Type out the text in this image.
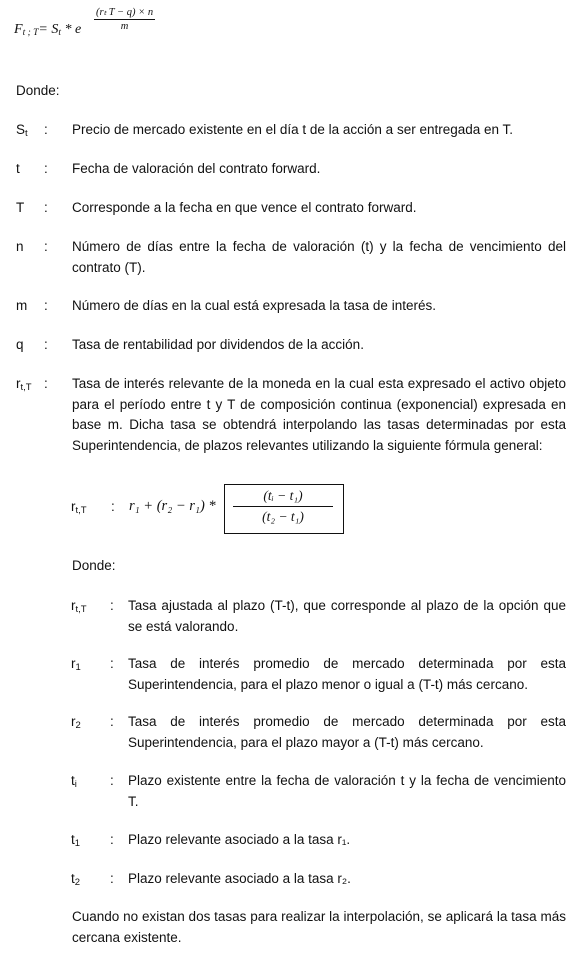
$F_{t ; T}= S_t * e \frac{\text{(rₜ T − q) × n}}{m}$
Donde:
$S_t$ : Precio de mercado existente en el día t de la acción a ser entregada en T.
t : Fecha de valoración del contrato forward.
T : Corresponde a la fecha en que vence el contrato forward.
n : Número de días entre la fecha de valoración (t) y la fecha de vencimiento del contrato (T).
m : Número de días en la cual está expresada la tasa de interés.
q : Tasa de rentabilidad por dividendos de la acción.
$r_{t,T}$ : Tasa de interés relevante de la moneda en la cual esta expresado el activo objeto para el período entre t y T de composición continua (exponencial) expresada en base m. Dicha tasa se obtendrá interpolando las tasas determinadas por esta Superintendencia, de plazos relevantes utilizando la siguiente fórmula general:
$r_{t,T}$ : $r_1 + (r_2 - r_1) * \frac{\text{(tᵢ − t₁)}}{\text{(t₂ − t₁)}}$
Donde:
$r_{t,T}$ : Tasa ajustada al plazo (T-t), que corresponde al plazo de la opción que se está valorando.
$r_1$ : Tasa de interés promedio de mercado determinada por esta Superintendencia, para el plazo menor o igual a (T-t) más cercano.
$r_2$ : Tasa de interés promedio de mercado determinada por esta Superintendencia, para el plazo mayor a (T-t) más cercano.
$t_i$ : Plazo existente entre la fecha de valoración t y la fecha de vencimiento T.
$t_1$ : Plazo relevante asociado a la tasa r₁.
$t_2$ : Plazo relevante asociado a la tasa r₂.
Cuando no existan dos tasas para realizar la interpolación, se aplicará la tasa más cercana existente.
